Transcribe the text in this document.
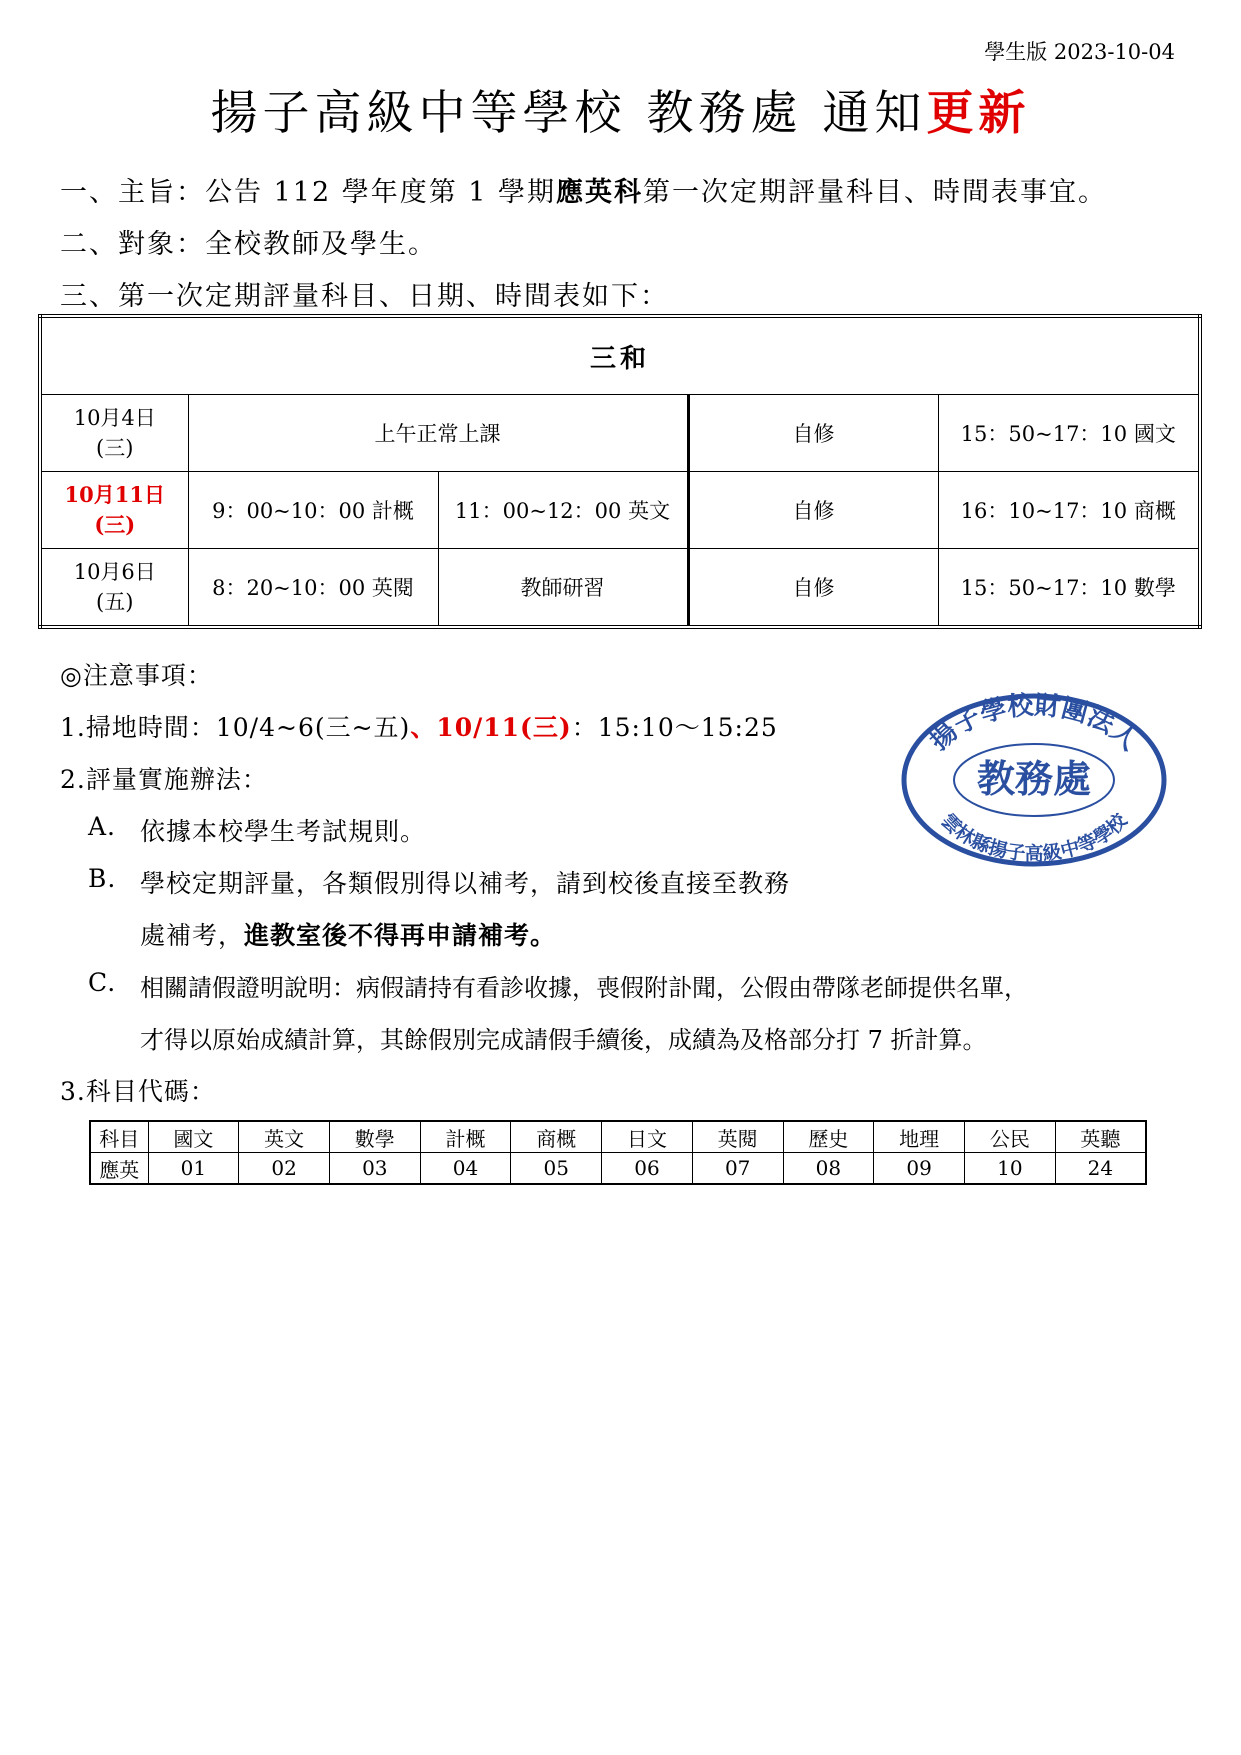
學生版 2023-10-04
揚子高級中等學校 教務處 通知更新
一、主旨：公告 112 學年度第 1 學期應英科第一次定期評量科目、時間表事宜。
二、對象：全校教師及學生。
三、第一次定期評量科目、日期、時間表如下：
三和				

10月4日
(三)	上午正常上課		自修	15：50~17：10 國文

10月11日
(三)	9：00~10：00 計概	11：00~12：00 英文	自修	16：10~17：10 商概

10月6日
(五)	8：20~10：00 英閱	教師研習	自修	15：50~17：10 數學
◎注意事項：
1.掃地時間：10/4~6(三~五)、10/11(三)：15:10～15:25
2.評量實施辦法：
A. 依據本校學生考試規則。
B. 學校定期評量，各類假別得以補考，請到校後直接至教務
處補考，進教室後不得再申請補考。
C. 相關請假證明說明：病假請持有看診收據，喪假附訃聞，公假由帶隊老師提供名單，
才得以原始成績計算，其餘假別完成請假手續後，成績為及格部分打 7 折計算。
3.科目代碼：
科目	國文	英文	數學	計概	商概	日文	英閱	歷史	地理	公民	英聽
應英	01	02	03	04	05	06	07	08	09	10	24
揚子學校財團法人
教務處
雲林縣揚子高級中等學校
